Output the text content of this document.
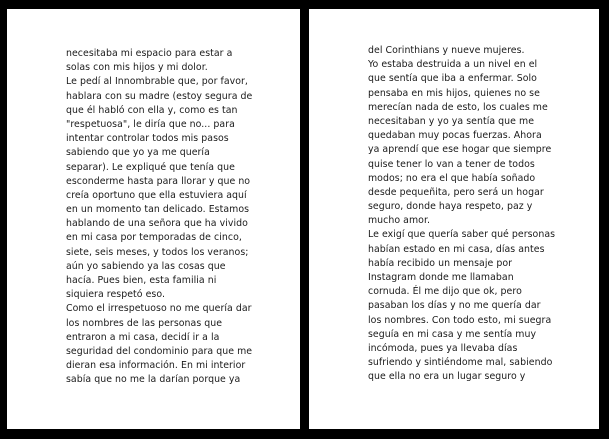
necesitaba mi espacio para estar a
solas con mis hijos y mi dolor.
Le pedí al Innombrable que, por favor,
hablara con su madre (estoy segura de
que él habló con ella y, como es tan
"respetuosa", le diría que no... para
intentar controlar todos mis pasos
sabiendo que yo ya me quería
separar). Le expliqué que tenía que
esconderme hasta para llorar y que no
creía oportuno que ella estuviera aquí
en un momento tan delicado. Estamos
hablando de una señora que ha vivido
en mi casa por temporadas de cinco,
siete, seis meses, y todos los veranos;
aún yo sabiendo ya las cosas que
hacía. Pues bien, esta familia ni
siquiera respetó eso.
Como el irrespetuoso no me quería dar
los nombres de las personas que
entraron a mi casa, decidí ir a la
seguridad del condominio para que me
dieran esa información. En mi interior
sabía que no me la darían porque ya
del Corinthians y nueve mujeres.
Yo estaba destruida a un nivel en el
que sentía que iba a enfermar. Solo
pensaba en mis hijos, quienes no se
merecían nada de esto, los cuales me
necesitaban y yo ya sentía que me
quedaban muy pocas fuerzas. Ahora
ya aprendí que ese hogar que siempre
quise tener lo van a tener de todos
modos; no era el que había soñado
desde pequeñita, pero será un hogar
seguro, donde haya respeto, paz y
mucho amor.
Le exigí que quería saber qué personas
habían estado en mi casa, días antes
había recibido un mensaje por
Instagram donde me llamaban
cornuda. Él me dijo que ok, pero
pasaban los días y no me quería dar
los nombres. Con todo esto, mi suegra
seguía en mi casa y me sentía muy
incómoda, pues ya llevaba días
sufriendo y sintiéndome mal, sabiendo
que ella no era un lugar seguro y
